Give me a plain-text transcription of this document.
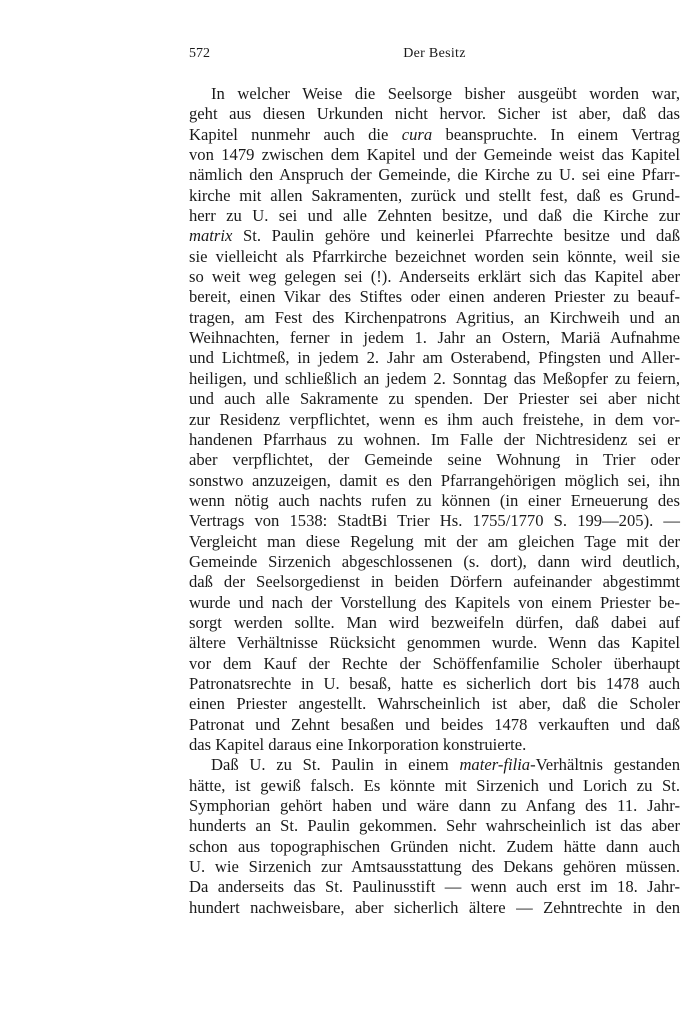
572	Der Besitz
In welcher Weise die Seelsorge bisher ausgeübt worden war,
geht aus diesen Urkunden nicht hervor. Sicher ist aber, daß das
Kapitel nunmehr auch die cura beanspruchte. In einem Vertrag
von 1479 zwischen dem Kapitel und der Gemeinde weist das Kapitel
nämlich den Anspruch der Gemeinde, die Kirche zu U. sei eine Pfarr-
kirche mit allen Sakramenten, zurück und stellt fest, daß es Grund-
herr zu U. sei und alle Zehnten besitze, und daß die Kirche zur
matrix St. Paulin gehöre und keinerlei Pfarrechte besitze und daß
sie vielleicht als Pfarrkirche bezeichnet worden sein könnte, weil sie
so weit weg gelegen sei (!). Anderseits erklärt sich das Kapitel aber
bereit, einen Vikar des Stiftes oder einen anderen Priester zu beauf-
tragen, am Fest des Kirchenpatrons Agritius, an Kirchweih und an
Weihnachten, ferner in jedem 1. Jahr an Ostern, Mariä Aufnahme
und Lichtmeß, in jedem 2. Jahr am Osterabend, Pfingsten und Aller-
heiligen, und schließlich an jedem 2. Sonntag das Meßopfer zu feiern,
und auch alle Sakramente zu spenden. Der Priester sei aber nicht
zur Residenz verpflichtet, wenn es ihm auch freistehe, in dem vor-
handenen Pfarrhaus zu wohnen. Im Falle der Nichtresidenz sei er
aber verpflichtet, der Gemeinde seine Wohnung in Trier oder
sonstwo anzuzeigen, damit es den Pfarrangehörigen möglich sei, ihn
wenn nötig auch nachts rufen zu können (in einer Erneuerung des
Vertrags von 1538: StadtBi Trier Hs. 1755/1770 S. 199—205). —
Vergleicht man diese Regelung mit der am gleichen Tage mit der
Gemeinde Sirzenich abgeschlossenen (s. dort), dann wird deutlich,
daß der Seelsorgedienst in beiden Dörfern aufeinander abgestimmt
wurde und nach der Vorstellung des Kapitels von einem Priester be-
sorgt werden sollte. Man wird bezweifeln dürfen, daß dabei auf
ältere Verhältnisse Rücksicht genommen wurde. Wenn das Kapitel
vor dem Kauf der Rechte der Schöffenfamilie Scholer überhaupt
Patronatsrechte in U. besaß, hatte es sicherlich dort bis 1478 auch
einen Priester angestellt. Wahrscheinlich ist aber, daß die Scholer
Patronat und Zehnt besaßen und beides 1478 verkauften und daß
das Kapitel daraus eine Inkorporation konstruierte.
Daß U. zu St. Paulin in einem mater-filia-Verhältnis gestanden
hätte, ist gewiß falsch. Es könnte mit Sirzenich und Lorich zu St.
Symphorian gehört haben und wäre dann zu Anfang des 11. Jahr-
hunderts an St. Paulin gekommen. Sehr wahrscheinlich ist das aber
schon aus topographischen Gründen nicht. Zudem hätte dann auch
U. wie Sirzenich zur Amtsausstattung des Dekans gehören müssen.
Da anderseits das St. Paulinusstift — wenn auch erst im 18. Jahr-
hundert nachweisbare, aber sicherlich ältere — Zehntrechte in den
